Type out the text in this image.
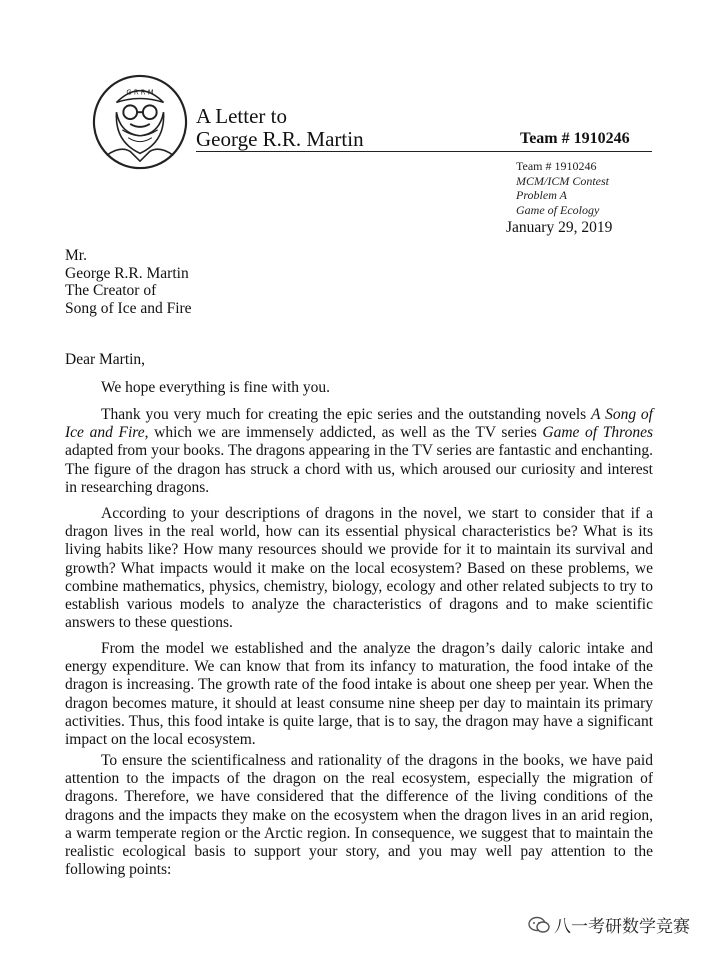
G R R M
A Letter to
George R.R. Martin	Team # 1910246
Team # 1910246
MCM/ICM Contest
Problem A
Game of Ecology
January 29, 2019
Mr.
George R.R. Martin
The Creator of
Song of Ice and Fire
Dear Martin,

We hope everything is fine with you.

Thank you very much for creating the epic series and the outstanding novels A Song of Ice and Fire, which we are immensely addicted, as well as the TV series Game of Thrones adapted from your books. The dragons appearing in the TV series are fantastic and enchanting. The figure of the dragon has struck a chord with us, which aroused our curiosity and interest in researching dragons.

According to your descriptions of dragons in the novel, we start to consider that if a dragon lives in the real world, how can its essential physical characteristics be? What is its living habits like? How many resources should we provide for it to maintain its survival and growth? What impacts would it make on the local ecosystem? Based on these problems, we combine mathematics, physics, chemistry, biology, ecology and other related subjects to try to establish various models to analyze the characteristics of dragons and to make scientific answers to these questions.

From the model we established and the analyze the dragon’s daily caloric intake and energy expenditure. We can know that from its infancy to maturation, the food intake of the dragon is increasing. The growth rate of the food intake is about one sheep per year. When the dragon becomes mature, it should at least consume nine sheep per day to maintain its primary activities. Thus, this food intake is quite large, that is to say, the dragon may have a significant impact on the local ecosystem.

To ensure the scientificalness and rationality of the dragons in the books, we have paid attention to the impacts of the dragon on the real ecosystem, especially the migration of dragons. Therefore, we have considered that the difference of the living conditions of the dragons and the impacts they make on the ecosystem when the dragon lives in an arid region, a warm temperate region or the Arctic region. In consequence, we suggest that to maintain the realistic ecological basis to support your story, and you may well pay attention to the following points:

八一考研数学竞赛
